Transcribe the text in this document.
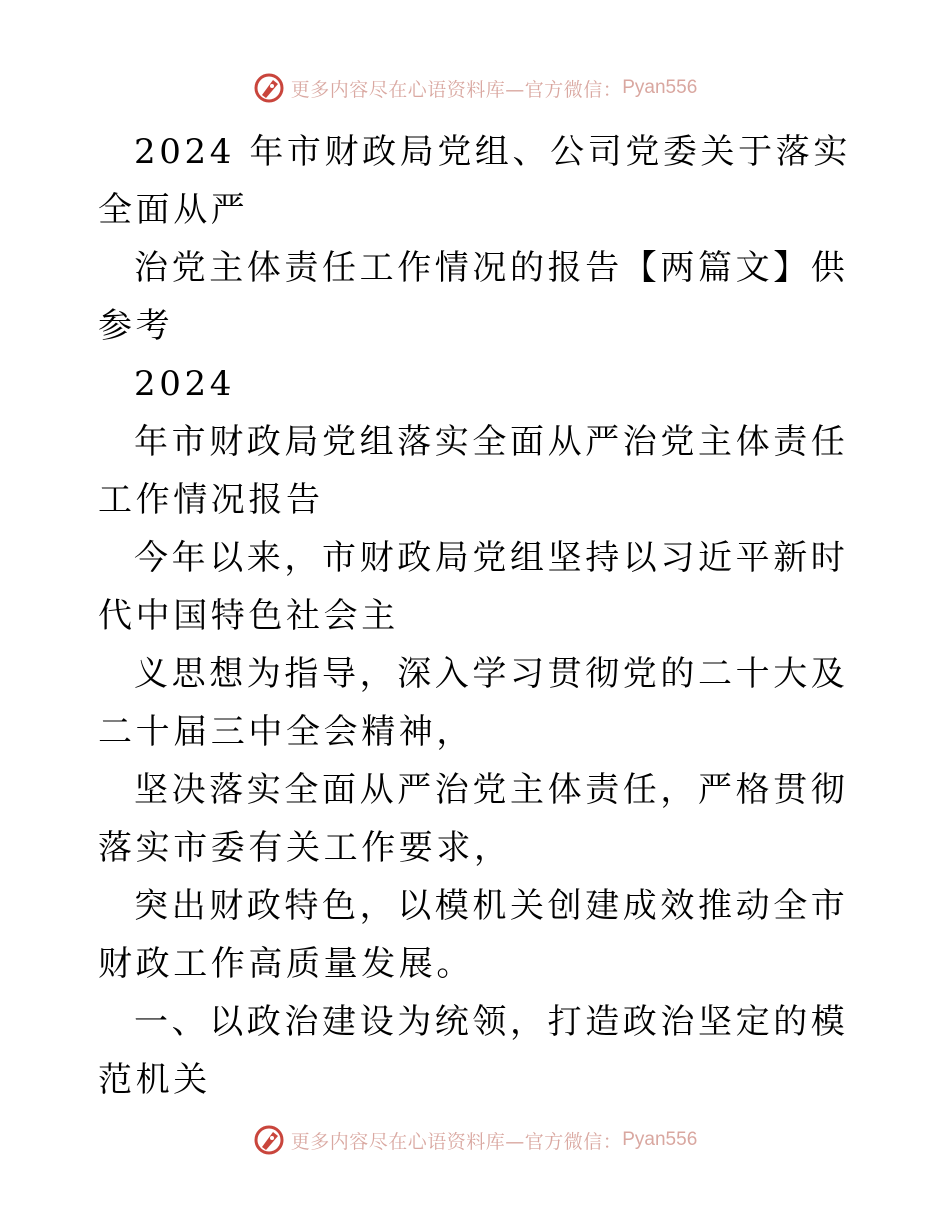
更多内容尽在心语资料库—官方微信： Pyan556

2024 年市财政局党组、公司党委关于落实全面从严

治党主体责任工作情况的报告【两篇文】供参考

2024

年市财政局党组落实全面从严治党主体责任工作情况报告

今年以来，市财政局党组坚持以习近平新时代中国特色社会主

义思想为指导，深入学习贯彻党的二十大及二十届三中全会精神，

坚决落实全面从严治党主体责任，严格贯彻落实市委有关工作要求，

突出财政特色，以模机关创建成效推动全市财政工作高质量发展。

一、以政治建设为统领，打造政治坚定的模范机关

更多内容尽在心语资料库—官方微信： Pyan556
